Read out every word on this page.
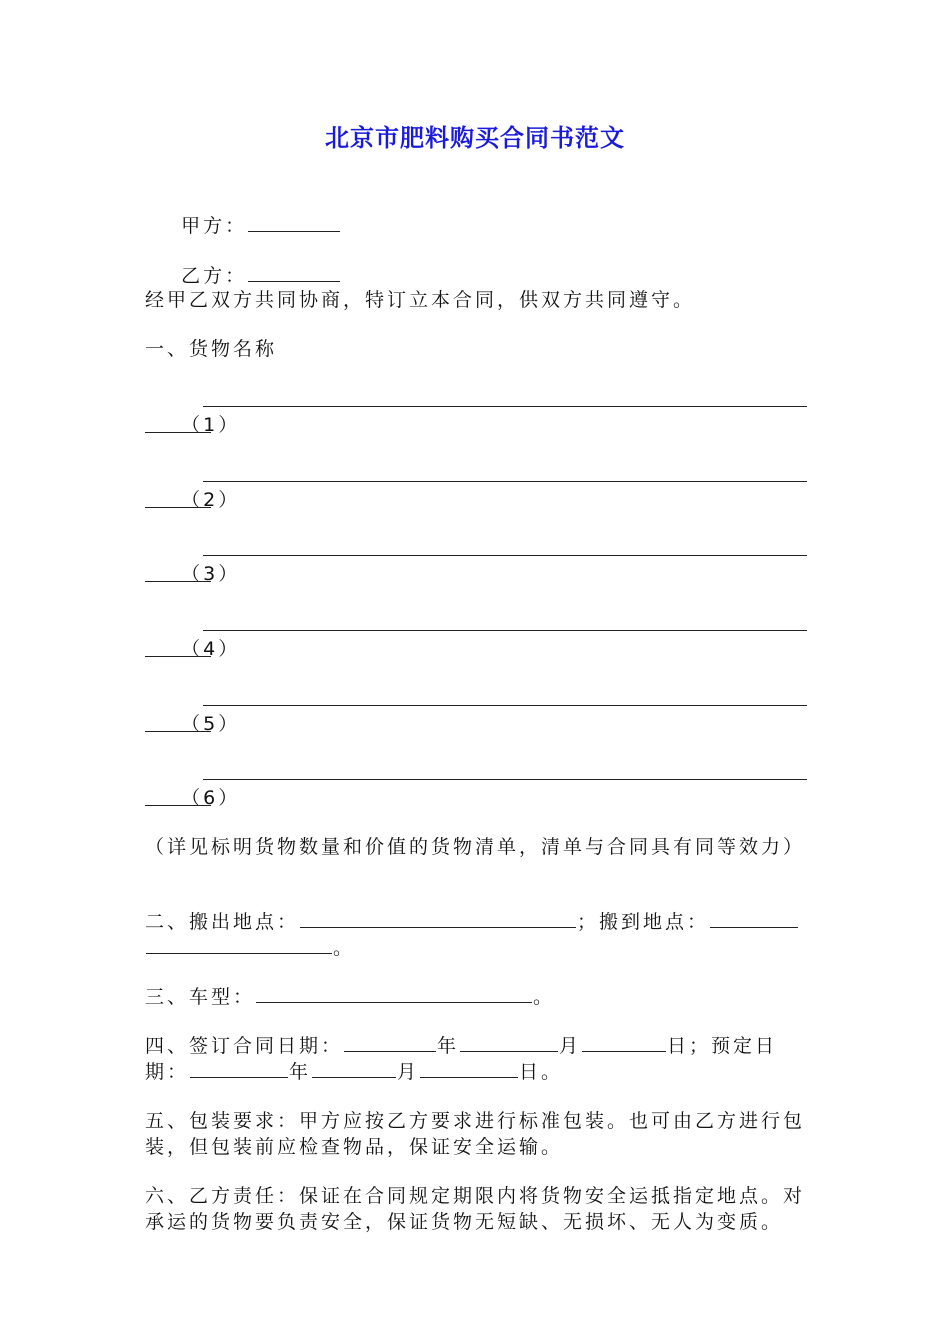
北京市肥料购买合同书范文

甲方：

乙方：

经甲乙双方共同协商，特订立本合同，供双方共同遵守。
一、货物名称

（1）

（2）

（3）

（4）

（5）

（6）

（详见标明货物数量和价值的货物清单，清单与合同具有同等效力）
二、搬出地点：	；搬到地点：
。
三、车型：	。
四、签订合同日期：	年	月	日；预定日期：	年	月	日。
五、包装要求：甲方应按乙方要求进行标准包装。也可由乙方进行包装，但包装前应检查物品，保证安全运输。
六、乙方责任：保证在合同规定期限内将货物安全运抵指定地点。对承运的货物要负责安全，保证货物无短缺、无损坏、无人为变质。
